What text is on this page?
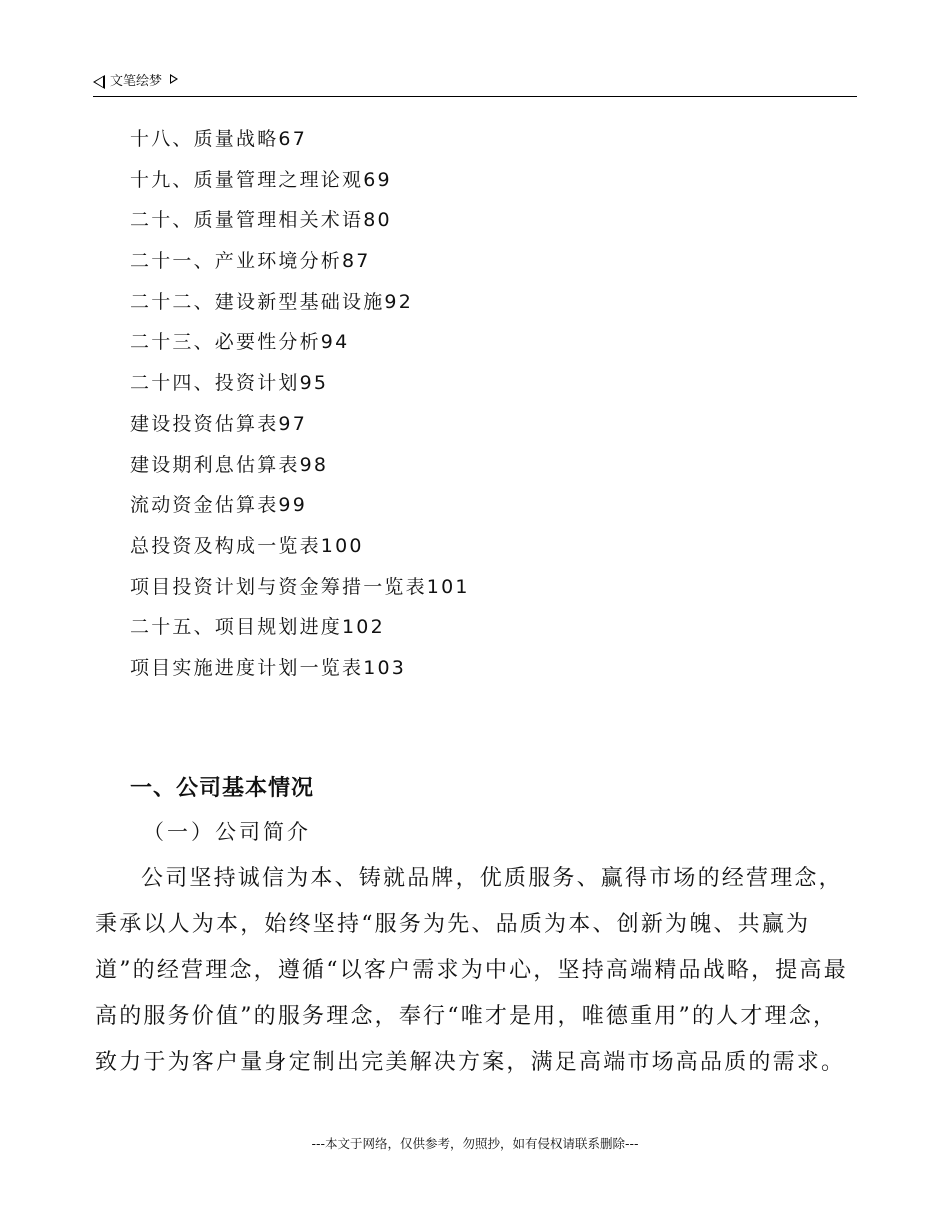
文笔绘梦
十八、质量战略67
十九、质量管理之理论观69
二十、质量管理相关术语80
二十一、产业环境分析87
二十二、建设新型基础设施92
二十三、必要性分析94
二十四、投资计划95
建设投资估算表97
建设期利息估算表98
流动资金估算表99
总投资及构成一览表100
项目投资计划与资金筹措一览表101
二十五、项目规划进度102
项目实施进度计划一览表103
一、公司基本情况
（一）公司简介

公司坚持诚信为本、铸就品牌，优质服务、赢得市场的经营理念，秉承以人为本，始终坚持“服务为先、品质为本、创新为魄、共赢为道”的经营理念，遵循“以客户需求为中心，坚持高端精品战略，提高最高的服务价值”的服务理念，奉行“唯才是用，唯德重用”的人才理念，致力于为客户量身定制出完美解决方案，满足高端市场高品质的需求。

---本文于网络，仅供参考，勿照抄，如有侵权请联系删除---
